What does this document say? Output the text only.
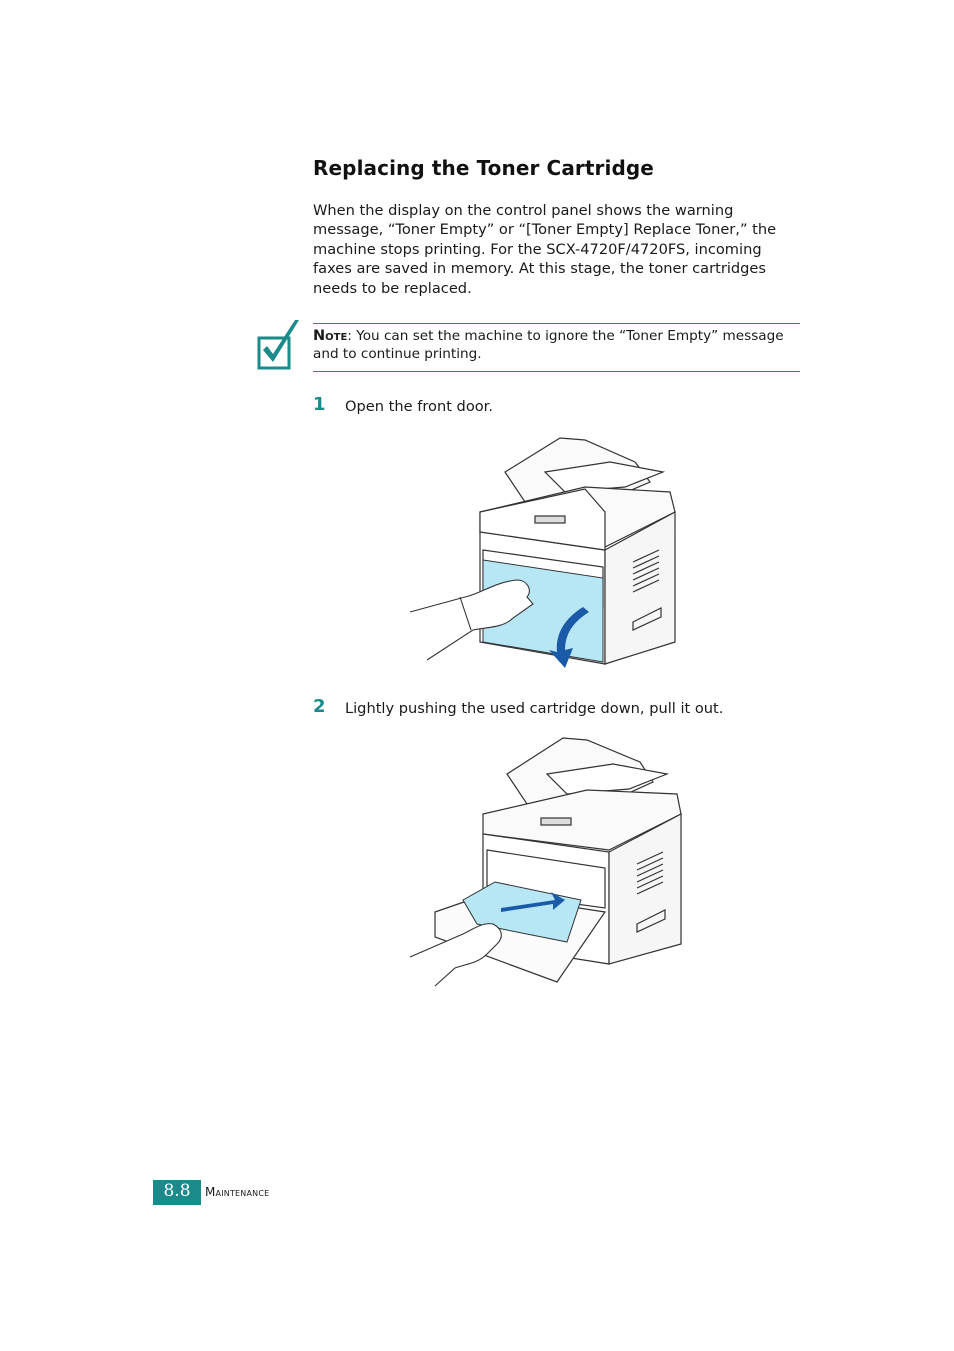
Replacing the Toner Cartridge

When the display on the control panel shows the warning message, “Toner Empty” or “[Toner Empty] Replace Toner,” the machine stops printing. For the SCX-4720F/4720FS, incoming faxes are saved in memory. At this stage, the toner cartridges needs to be replaced.

Note: You can set the machine to ignore the “Toner Empty” message and to continue printing.

1 Open the front door.
2 Lightly pushing the used cartridge down, pull it out.
8.8	Maintenance
